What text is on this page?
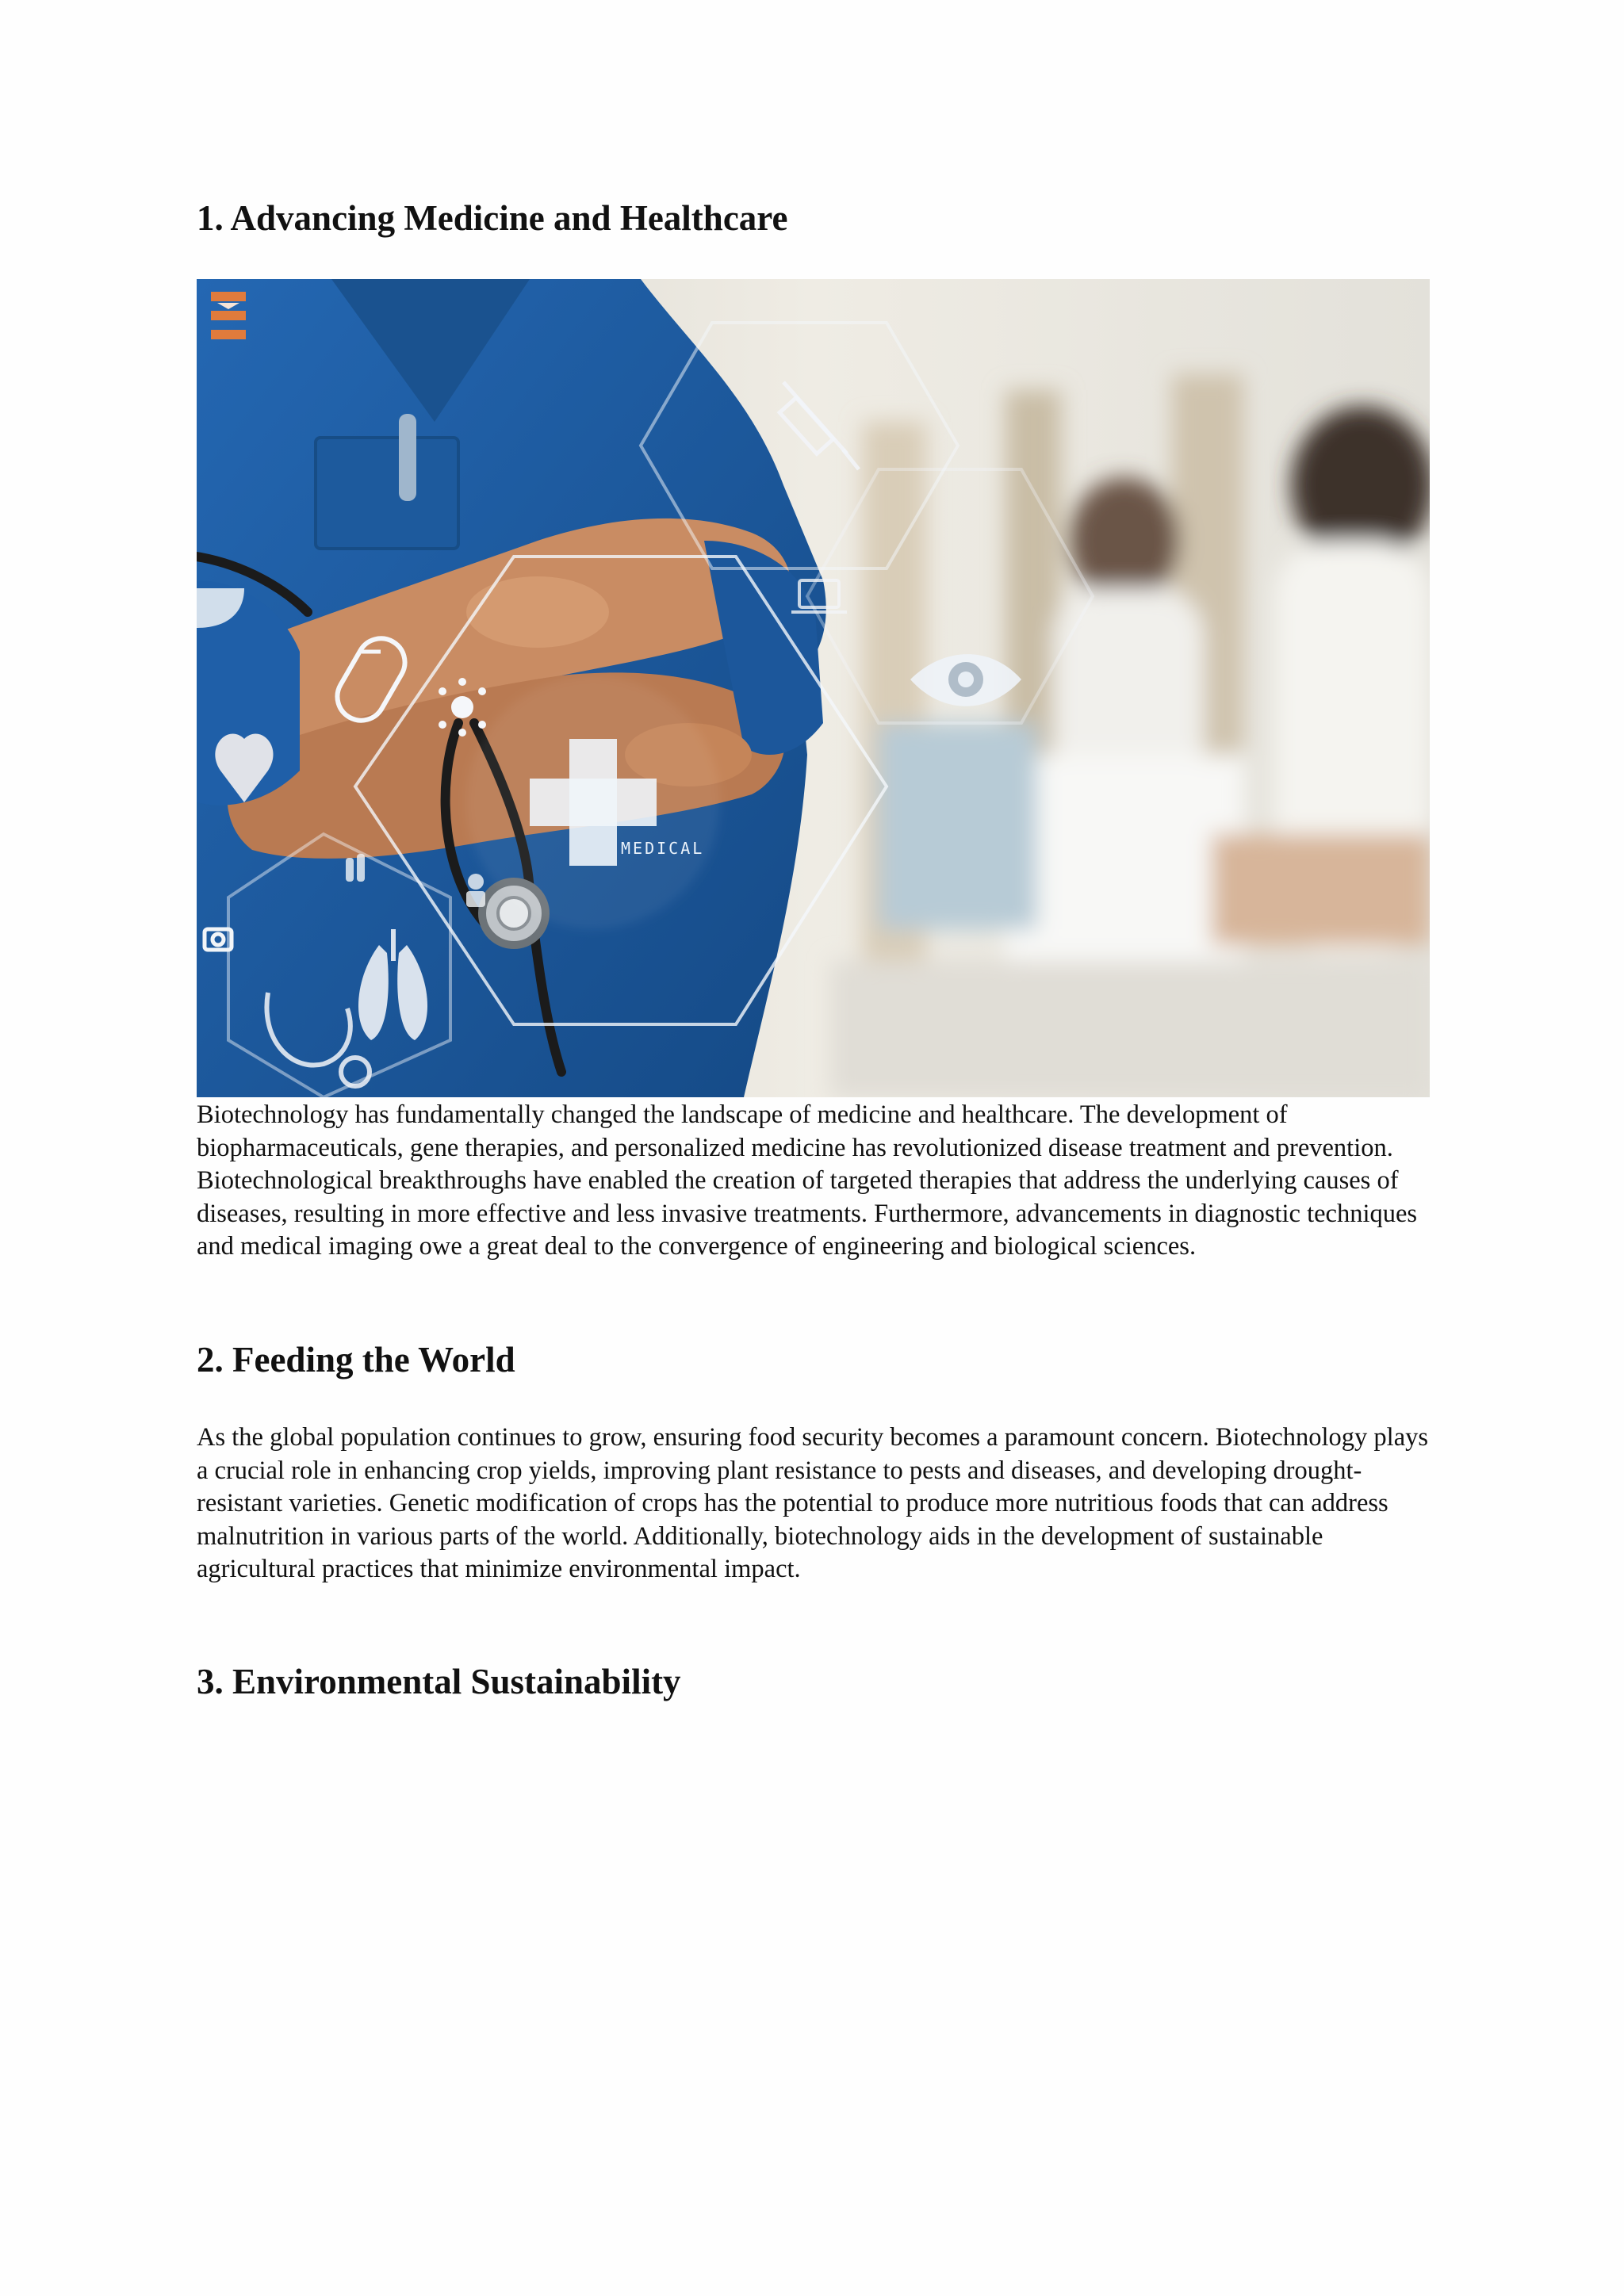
1. Advancing Medicine and Healthcare
MEDICAL

Biotechnology has fundamentally changed the landscape of medicine and healthcare. The development of biopharmaceuticals, gene therapies, and personalized medicine has revolutionized disease treatment and prevention. Biotechnological breakthroughs have enabled the creation of targeted therapies that address the underlying causes of diseases, resulting in more effective and less invasive treatments. Furthermore, advancements in diagnostic techniques and medical imaging owe a great deal to the convergence of engineering and biological sciences.

2. Feeding the World

As the global population continues to grow, ensuring food security becomes a paramount concern. Biotechnology plays a crucial role in enhancing crop yields, improving plant resistance to pests and diseases, and developing drought-resistant varieties. Genetic modification of crops has the potential to produce more nutritious foods that can address malnutrition in various parts of the world. Additionally, biotechnology aids in the development of sustainable agricultural practices that minimize environmental impact.

3. Environmental Sustainability
